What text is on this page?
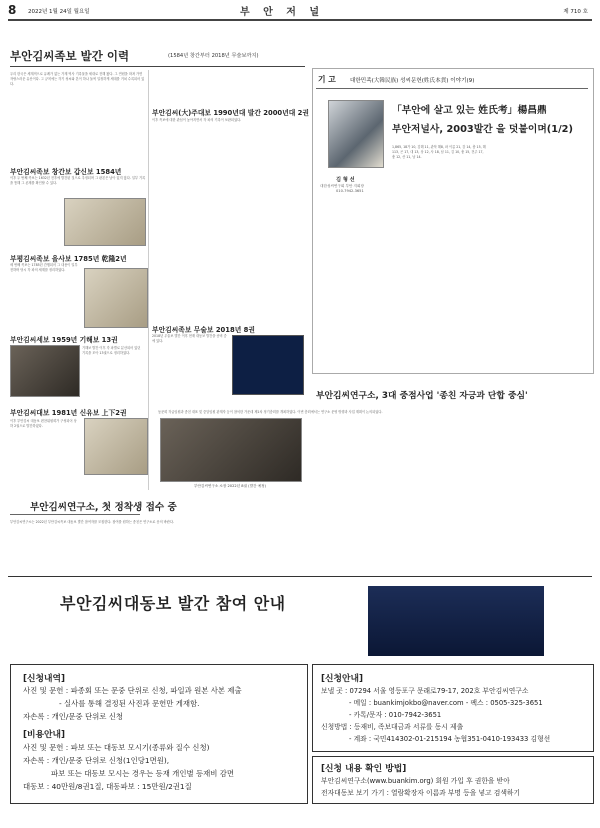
8 2022년 1월 24일 월요일	부 안 저 널	제 710 호
부안김씨족보 발간 이력	(1584년 창간부터 2018년 무술보까지)
우리 한국은 세계적으로 유례가 없는 가계 역사 기록물을 세대로 전해 왔다. 그 연원을 따져 가면 자랑스러운 유산이다. 그 규칙에는 각기 성씨와 본이 하나 둘씩 일정하게 세대를 거쳐 수록되어 있다.
부안김씨족보 창간보 갑신보 1584년
이후 두 번째 족보는 1632년 전후에 발간된 것으로 추정되며 그 판본은 남아 있지 않다. 일부 기록을 통해 그 존재를 확인할 수 있다.
부평김씨족보 을사보 1785년 乾隆2년
세 번째 족보는 1785년 간행되어 그 내용이 일부 전하며 당시 각 파의 세계를 정리하였다.
부안김씨세보 1959년 기해보 13권
기해보 발간 이후 각 파별로 분산되어 있던 기록을 모아 13권으로 정리하였다.
부안김씨대보 1981년 신유보 上下2권
이후 부안김씨 대동보 편찬위원회가 구성되어 상하 2권으로 발간하였다.
부안김씨(大)주대보 1990년대 발간 2000년대 2권
이후 족보에 대한 관심이 높아지면서 각 파의 기록이 보완되었다.
부안김씨족보 무술보 2018년 8권
2018년 무술보 발간 이후 현재 대동보 발간을 준비 중에 있다.
부안김씨연구소 소장 2022년 8권 (발간 예정)
기 고	대한민족(大韓民族) 성씨문헌(姓氏本貫) 이야기(9)
「부안에 살고 있는 姓氏考」楊昌鼎
부안저널사, 2003발간 을 덧붙이며(1/2)
김 형 선
대한성씨연구회 부안 지회장
010-7942-3651
1,865, 18가 10, 김해 11, 관북 해8, 파 이름 21, 감 14, 충 15, 해 113, 곤 17, 대 13, 상 12, 사 18, 남 11, 김 10, 충 15, 전주 17, 충 12, 산 11, 남 14.
부안김씨연구소, 3대 중점사업 '종친 자긍과 단합 중심'
동문회 각급임원과 종친 대표 및 중앙임원 관계자 등이 참석한 가운데 제1차 정기총회를 개최하였다. 이번 총회에서는 연구소 운영 방향과 사업 계획이 논의되었다.
부안김씨연구소, 첫 정착생 접수 중
부안김씨연구소는 2022년 부안김씨족보 대동보 발간 참여자를 모집한다. 참여를 원하는 종친은 연구소로 문의 바란다.
부안김씨대동보 발간 참여 안내
[신청내역]
사진 및 문헌 : 파종회 또는 문중 단위로 신청, 파일과 원본 사본 제출
- 실사를 통해 결정된 사진과 문헌만 게재함.
자손록 : 개인/문중 단위로 신청
[비용안내]
사진 및 문헌 : 파보 또는 대동보 모시기(종류와 질수 신청)
자손록 : 개인/문중 단위로 신청(1인당1면원),
파보 또는 대동보 모시는 경우는 등재 개인별 등재비 감면
대동보 : 40만원/8권1질, 대동파보 : 15만원/2권1질
[신청안내]
보낼 곳 : 07294 서울 영등포구 문래로79-17, 202호 부안김씨연구소
- 메일 : buankimjokbo@naver.com - 팩스 : 0505-325-3651
- 카톡/문자 : 010-7942-3651
신청방법 : 등재비, 족보대금과 서류를 동시 제출
- 계좌 : 국민414302-01-215194 농협351-0410-193433 김형선
[신청 내용 확인 방법]
부안김씨연구소(www.buankim.org) 회원 가입 후 권한을 받아
전자대동보 보기 가기 : 열람확장자 이름과 부명 등을 넣고 검색하기
